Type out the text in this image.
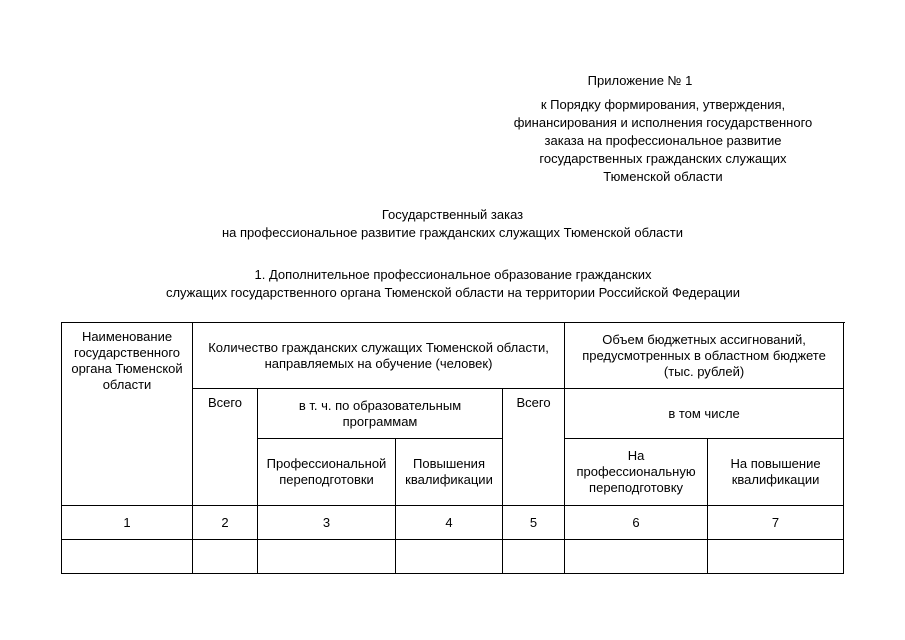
Приложение № 1
к Порядку формирования, утверждения,
финансирования и исполнения государственного
заказа на профессиональное развитие
государственных гражданских служащих
Тюменской области
Государственный заказ
на профессиональное развитие гражданских служащих Тюменской области
1. Дополнительное профессиональное образование гражданских
служащих государственного органа Тюменской области на территории Российской Федерации
Наименование государственного органа Тюменской области	Количество гражданских служащих Тюменской области, направляемых на обучение (человек)				Объем бюджетных ассигнований, предусмотренных в областном бюджете (тыс. рублей)	
	Всего	в т. ч. по образовательным программам		Всего	в том числе	
		Профессиональной переподготовки	Повышения квалификации		На профессиональную переподготовку	На повышение квалификации
1	2	3	4	5	6	7
